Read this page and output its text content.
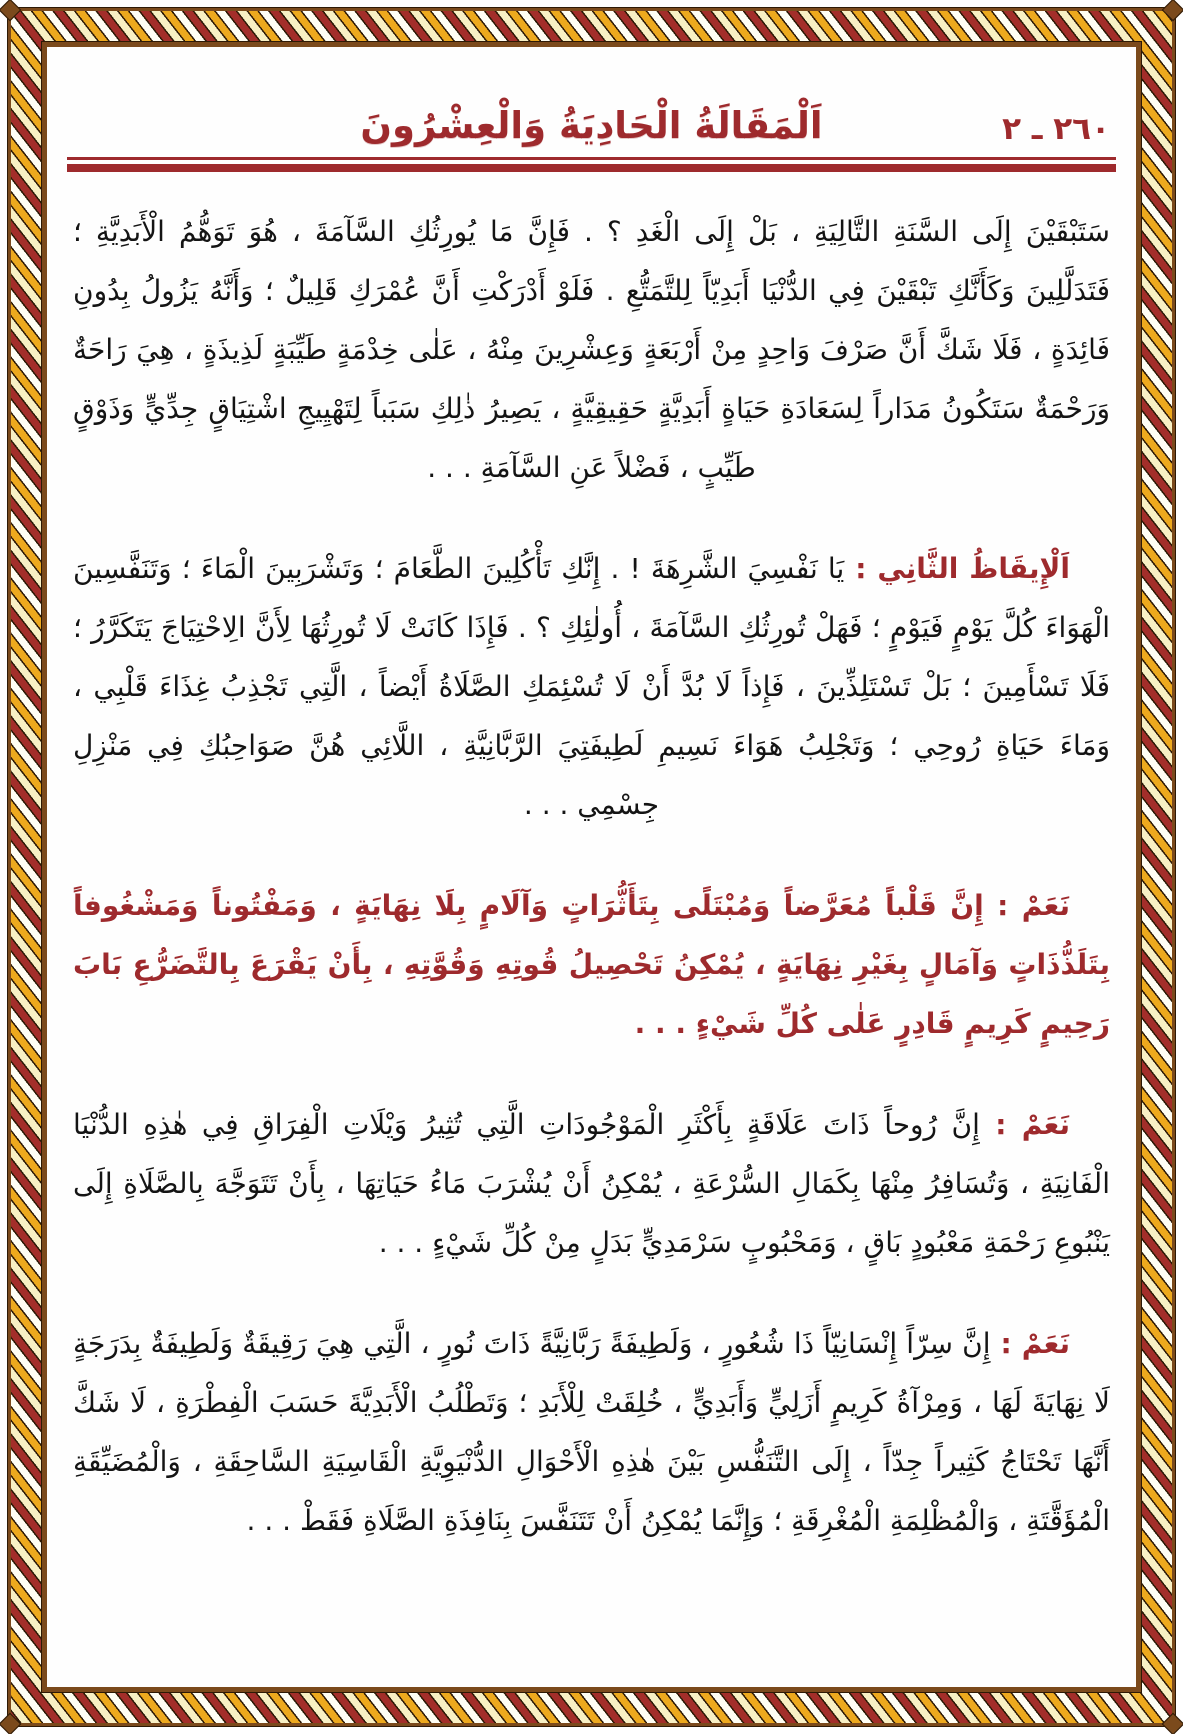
٢٦٠ ـ ٢
اَلْمَقَالَةُ الْحَادِيَةُ وَالْعِشْرُونَ

سَتَبْقَيْنَ إِلَى السَّنَةِ التَّالِيَةِ ، بَلْ إِلَى الْغَدِ ؟ . فَإِنَّ مَا يُورِثُكِ السَّآمَةَ ، هُوَ تَوَهُّمُ الْأَبَدِيَّةِ ؛ فَتَدَلَّلِينَ وَكَأَنَّكِ تَبْقَيْنَ فِي الدُّنْيَا أَبَدِيّاً لِلتَّمَتُّعِ . فَلَوْ أَدْرَكْتِ أَنَّ عُمْرَكِ قَلِيلٌ ؛ وَأَنَّهُ يَزُولُ بِدُونِ فَائِدَةٍ ، فَلَا شَكَّ أَنَّ صَرْفَ وَاحِدٍ مِنْ أَرْبَعَةٍ وَعِشْرِينَ مِنْهُ ، عَلٰى خِدْمَةٍ طَيِّبَةٍ لَذِيذَةٍ ، هِيَ رَاحَةٌ وَرَحْمَةٌ سَتَكُونُ مَدَاراً لِسَعَادَةِ حَيَاةٍ أَبَدِيَّةٍ حَقِيقِيَّةٍ ، يَصِيرُ ذٰلِكِ سَبَباً لِتَهْيِيجِ اشْتِيَاقٍ جِدِّيٍّ وَذَوْقٍ طَيِّبٍ ، فَضْلاً عَنِ السَّآمَةِ . . .

اَلْإِيقَاظُ الثَّانِي : يَا نَفْسِيَ الشَّرِهَةَ ! . إِنَّكِ تَأْكُلِينَ الطَّعَامَ ؛ وَتَشْرَبِينَ الْمَاءَ ؛ وَتَنَفَّسِينَ الْهَوَاءَ كُلَّ يَوْمٍ فَيَوْمٍ ؛ فَهَلْ تُورِثُكِ السَّآمَةَ ، أُولٰئِكِ ؟ . فَإِذَا كَانَتْ لَا تُورِثُهَا لِأَنَّ الِاحْتِيَاجَ يَتَكَرَّرُ ؛ فَلَا تَسْأَمِينَ ؛ بَلْ تَسْتَلِذِّينَ ، فَإِذاً لَا بُدَّ أَنْ لَا تُسْئِمَكِ الصَّلَاةُ أَيْضاً ، الَّتِي تَجْذِبُ غِذَاءَ قَلْبِي ، وَمَاءَ حَيَاةِ رُوحِي ؛ وَتَجْلِبُ هَوَاءَ نَسِيمِ لَطِيفَتِيَ الرَّبَّانِيَّةِ ، اللَّائِي هُنَّ صَوَاحِبُكِ فِي مَنْزِلِ جِسْمِي . . .

نَعَمْ : إِنَّ قَلْباً مُعَرَّضاً وَمُبْتَلًى بِتَأَثُّرَاتٍ وَآلَامٍ بِلَا نِهَايَةٍ ، وَمَفْتُوناً وَمَشْغُوفاً بِتَلَذُّذَاتٍ وَآمَالٍ بِغَيْرِ نِهَايَةٍ ، يُمْكِنُ تَحْصِيلُ قُوتِهِ وَقُوَّتِهِ ، بِأَنْ يَقْرَعَ بِالتَّضَرُّعِ بَابَ رَحِيمٍ كَرِيمٍ قَادِرٍ عَلٰى كُلِّ شَيْءٍ . . .

نَعَمْ : إِنَّ رُوحاً ذَاتَ عَلَاقَةٍ بِأَكْثَرِ الْمَوْجُودَاتِ الَّتِي تُثِيرُ وَيْلَاتِ الْفِرَاقِ فِي هٰذِهِ الدُّنْيَا الْفَانِيَةِ ، وَتُسَافِرُ مِنْهَا بِكَمَالِ السُّرْعَةِ ، يُمْكِنُ أَنْ يُشْرَبَ مَاءُ حَيَاتِهَا ، بِأَنْ تَتَوَجَّهَ بِالصَّلَاةِ إِلَى يَنْبُوعِ رَحْمَةِ مَعْبُودٍ بَاقٍ ، وَمَحْبُوبٍ سَرْمَدِيٍّ بَدَلٍ مِنْ كُلِّ شَيْءٍ . . .

نَعَمْ : إِنَّ سِرّاً إِنْسَانِيّاً ذَا شُعُورٍ ، وَلَطِيفَةً رَبَّانِيَّةً ذَاتَ نُورٍ ، الَّتِي هِيَ رَقِيقَةٌ وَلَطِيفَةٌ بِدَرَجَةٍ لَا نِهَايَةَ لَهَا ، وَمِرْآةُ كَرِيمٍ أَزَلِيٍّ وَأَبَدِيٍّ ، خُلِقَتْ لِلْأَبَدِ ؛ وَتَطْلُبُ الْأَبَدِيَّةَ حَسَبَ الْفِطْرَةِ ، لَا شَكَّ أَنَّهَا تَحْتَاجُ كَثِيراً جِدّاً ، إِلَى التَّنَفُّسِ بَيْنَ هٰذِهِ الْأَحْوَالِ الدُّنْيَوِيَّةِ الْقَاسِيَةِ السَّاحِقَةِ ، وَالْمُضَيِّقَةِ الْمُؤَقَّتَةِ ، وَالْمُظْلِمَةِ الْمُغْرِقَةِ ؛ وَإِنَّمَا يُمْكِنُ أَنْ تَتَنَفَّسَ بِنَافِذَةِ الصَّلَاةِ فَقَطْ . . .
